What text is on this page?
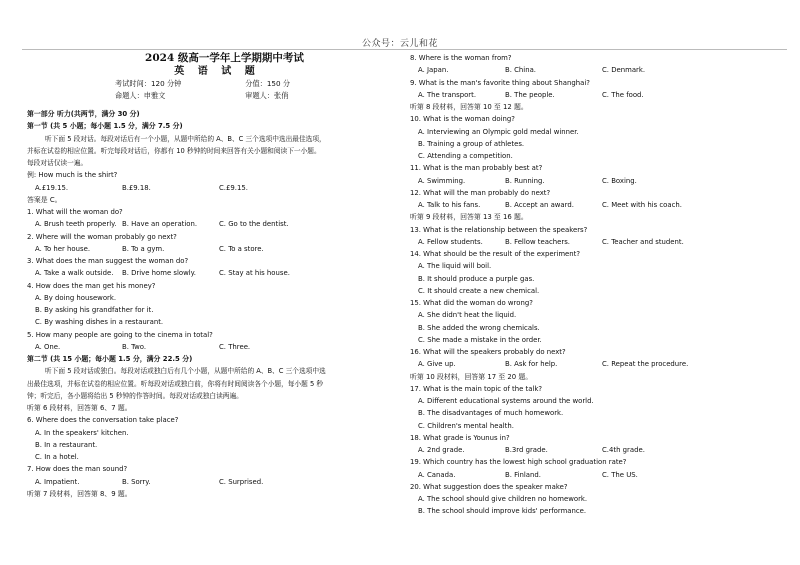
公众号：云儿和花
2024 级高一学年上学期期中考试
英 语 试 题
考试时间：120 分钟	分值：150 分
命题人：申雅文	审题人：张俏
第一部分 听力(共两节，满分 30 分)
第一节 (共 5 小题；每小题 1.5 分，满分 7.5 分)
听下面 5 段对话。每段对话后有一个小题，从题中所给的 A、B、C 三个选项中选出最佳选项，
并标在试卷的相应位置。听完每段对话后，你都有 10 秒钟的时间来回答有关小题和阅读下一小题。
每段对话仅读一遍。
例: How much is the shirt?
A.£19.15.	B.£9.18.	C.£9.15.
答案是 C。
1. What will the woman do?
A. Brush teeth properly. B. Have an operation.	C. Go to the dentist.
2. Where will the woman probably go next?
A. To her house.	B. To a gym.	C. To a store.
3. What does the man suggest the woman do?
A. Take a walk outside.	B. Drive home slowly.	C. Stay at his house.
4. How does the man get his money?
A. By doing housework.
B. By asking his grandfather for it.
C. By washing dishes in a restaurant.
5. How many people are going to the cinema in total?
A. One.	B. Two.	C. Three.
第二节 (共 15 小题；每小题 1.5 分，满分 22.5 分)
听下面 5 段对话或独白。每段对话或独白后有几个小题，从题中所给的 A、B、C 三个选项中选
出最佳选项，并标在试卷的相应位置。听每段对话或独白前，你将有时间阅读各个小题，每小题 5 秒
钟；听完后，各小题将给出 5 秒钟的作答时间。每段对话或独白读两遍。
听第 6 段材料，回答第 6、7 题。
6. Where does the conversation take place?
A. In the speakers' kitchen.
B. In a restaurant.
C. In a hotel.
7. How does the man sound?
A. Impatient.	B. Sorry.	C. Surprised.
听第 7 段材料，回答第 8、9 题。
8. Where is the woman from?
A. Japan.	B. China.	C. Denmark.
9. What is the man's favorite thing about Shanghai?
A. The transport.	B. The people.	C. The food.
听第 8 段材料，回答第 10 至 12 题。
10. What is the woman doing?
A. Interviewing an Olympic gold medal winner.
B. Training a group of athletes.
C. Attending a competition.
11. What is the man probably best at?
A. Swimming.	B. Running.	C. Boxing.
12. What will the man probably do next?
A. Talk to his fans.	B. Accept an award.	C. Meet with his coach.
听第 9 段材料，回答第 13 至 16 题。
13. What is the relationship between the speakers?
A. Fellow students.	B. Fellow teachers.	C. Teacher and student.
14. What should be the result of the experiment?
A. The liquid will boil.
B. It should produce a purple gas.
C. It should create a new chemical.
15. What did the woman do wrong?
A. She didn't heat the liquid.
B. She added the wrong chemicals.
C. She made a mistake in the order.
16. What will the speakers probably do next?
A. Give up.	B. Ask for help.	C. Repeat the procedure.
听第 10 段材料，回答第 17 至 20 题。
17. What is the main topic of the talk?
A. Different educational systems around the world.
B. The disadvantages of much homework.
C. Children's mental health.
18. What grade is Younus in?
A. 2nd grade.	B.3rd grade.	C.4th grade.
19. Which country has the lowest high school graduation rate?
A. Canada.	B. Finland.	C. The US.
20. What suggestion does the speaker make?
A. The school should give children no homework.
B. The school should improve kids' performance.
